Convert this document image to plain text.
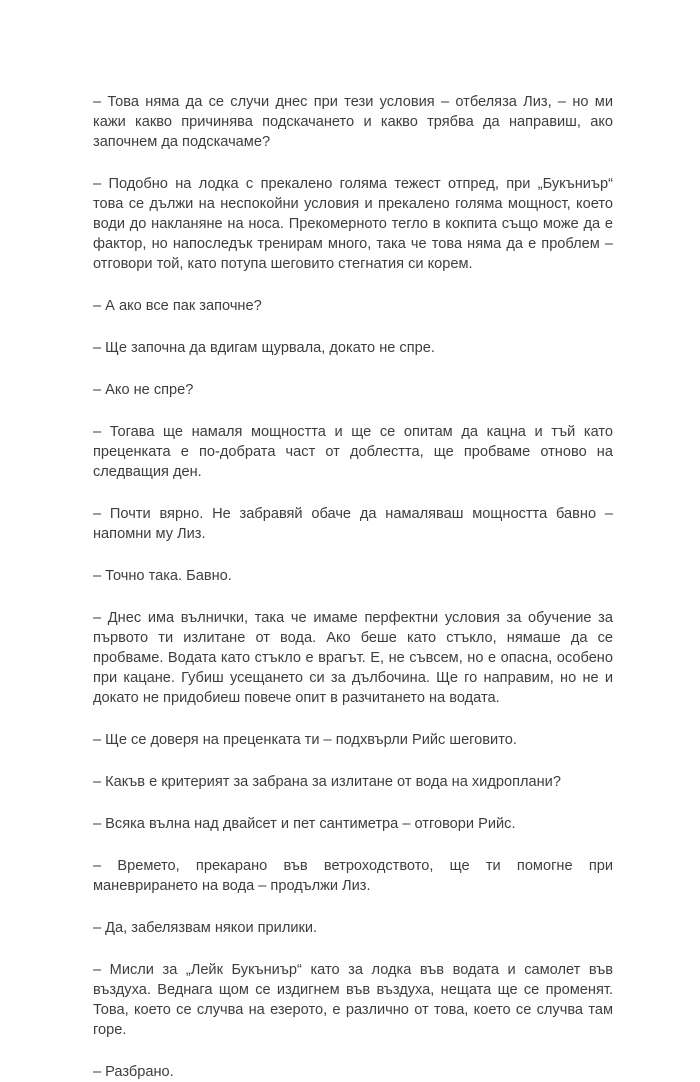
– Това няма да се случи днес при тези условия – отбеляза Лиз, – но ми кажи какво причинява подскачането и какво трябва да направиш, ако започнем да подскачаме?

– Подобно на лодка с прекалено голяма тежест отпред, при „Букъниър“ това се дължи на неспокойни условия и прекалено голяма мощност, което води до накланяне на носа. Прекомерното тегло в кокпита също може да е фактор, но напоследък тренирам много, така че това няма да е проблем – отговори той, като потупа шеговито стегнатия си корем.

– А ако все пак започне?

– Ще започна да вдигам щурвала, докато не спре.

– Ако не спре?

– Тогава ще намаля мощността и ще се опитам да кацна и тъй като преценката е по-добрата част от доблестта, ще пробваме отново на следващия ден.

– Почти вярно. Не забравяй обаче да намаляваш мощността бавно – напомни му Лиз.

– Точно така. Бавно.

– Днес има вълнички, така че имаме перфектни условия за обучение за първото ти излитане от вода. Ако беше като стъкло, нямаше да се пробваме. Водата като стъкло е врагът. Е, не съвсем, но е опасна, особено при кацане. Губиш усещането си за дълбочина. Ще го направим, но не и докато не придобиеш повече опит в разчитането на водата.

– Ще се доверя на преценката ти – подхвърли Рийс шеговито.

– Какъв е критерият за забрана за излитане от вода на хидроплани?

– Всяка вълна над двайсет и пет сантиметра – отговори Рийс.

– Времето, прекарано във ветроходството, ще ти помогне при маневрирането на вода – продължи Лиз.

– Да, забелязвам някои прилики.

– Мисли за „Лейк Букъниър“ като за лодка във водата и самолет във въздуха. Веднага щом се издигнем във въздуха, нещата ще се променят. Това, което се случва на езерото, е различно от това, което се случва там горе.

– Разбрано.
